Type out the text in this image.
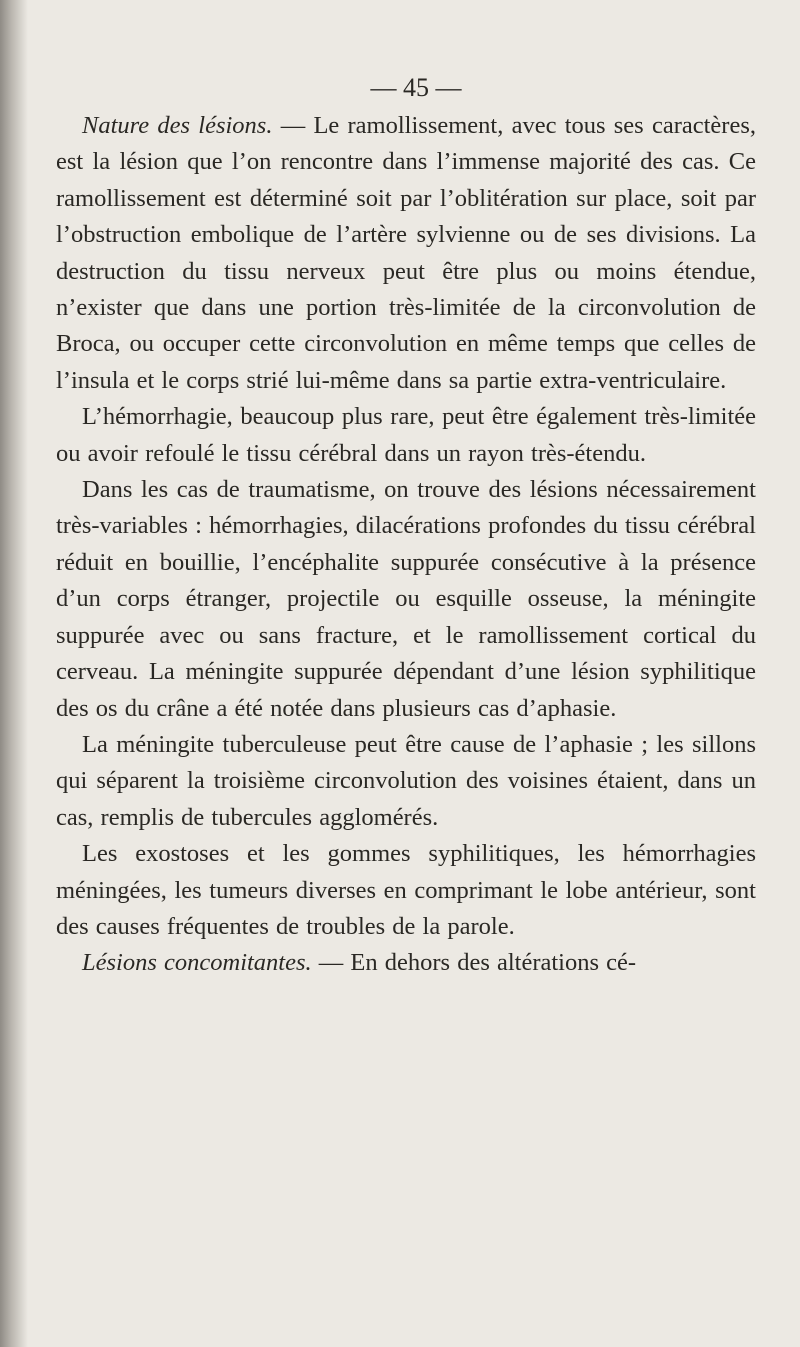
— 45 —

Nature des lésions. — Le ramollissement, avec tous ses caractères, est la lésion que l’on rencontre dans l’immense majorité des cas. Ce ramollissement est déterminé soit par l’oblitération sur place, soit par l’obstruction embolique de l’artère sylvienne ou de ses divisions. La destruction du tissu nerveux peut être plus ou moins étendue, n’exister que dans une portion très-limitée de la circonvolution de Broca, ou occuper cette circonvolution en même temps que celles de l’insula et le corps strié lui-même dans sa partie extra-ventriculaire.

L’hémorrhagie, beaucoup plus rare, peut être également très-limitée ou avoir refoulé le tissu cérébral dans un rayon très-étendu.

Dans les cas de traumatisme, on trouve des lésions nécessairement très-variables : hémorrhagies, dilacérations profondes du tissu cérébral réduit en bouillie, l’encéphalite suppurée consécutive à la présence d’un corps étranger, projectile ou esquille osseuse, la méningite suppurée avec ou sans fracture, et le ramollissement cortical du cerveau. La méningite suppurée dépendant d’une lésion syphilitique des os du crâne a été notée dans plusieurs cas d’aphasie.

La méningite tuberculeuse peut être cause de l’aphasie ; les sillons qui séparent la troisième circonvolution des voisines étaient, dans un cas, remplis de tubercules agglomérés.

Les exostoses et les gommes syphilitiques, les hémorrhagies méningées, les tumeurs diverses en comprimant le lobe antérieur, sont des causes fréquentes de troubles de la parole.

Lésions concomitantes. — En dehors des altérations cé-
